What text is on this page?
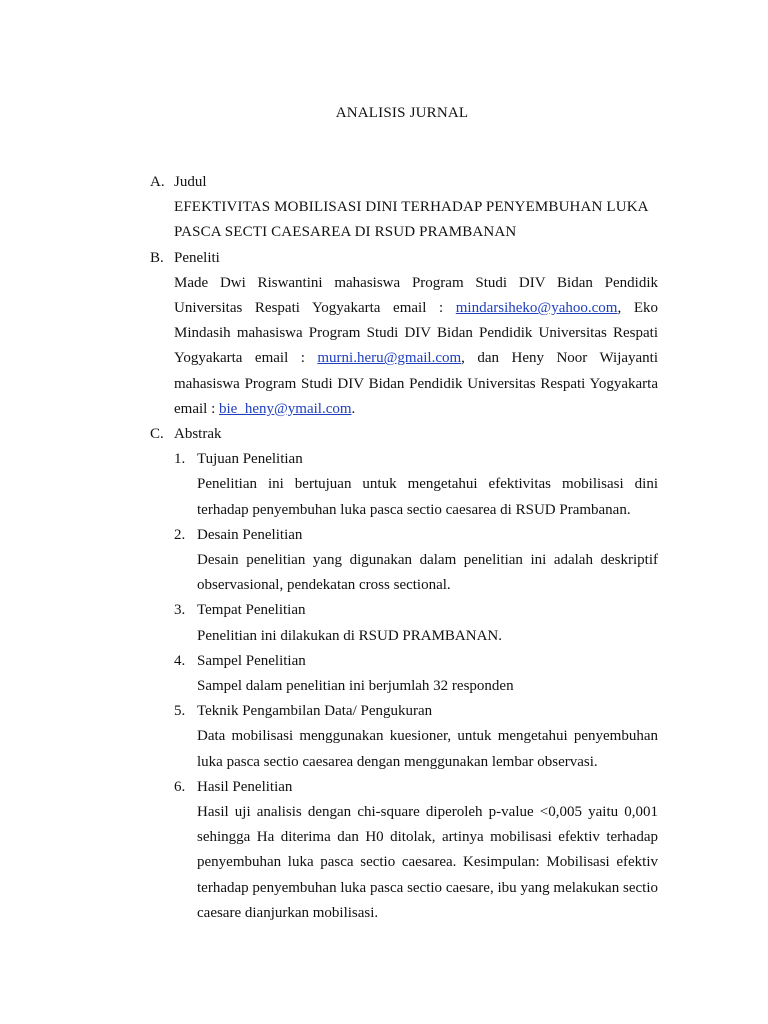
ANALISIS JURNAL
A. Judul
EFEKTIVITAS MOBILISASI DINI TERHADAP PENYEMBUHAN LUKA
PASCA SECTI CAESAREA DI RSUD PRAMBANAN
B. Peneliti
Made Dwi Riswantini mahasiswa Program Studi DIV Bidan Pendidik Universitas Respati Yogyakarta email : mindarsiheko@yahoo.com, Eko Mindasih mahasiswa Program Studi DIV Bidan Pendidik Universitas Respati Yogyakarta email : murni.heru@gmail.com, dan Heny Noor Wijayanti mahasiswa Program Studi DIV Bidan Pendidik Universitas Respati Yogyakarta email : bie_heny@ymail.com.
C. Abstrak
1. Tujuan Penelitian
Penelitian ini bertujuan untuk mengetahui efektivitas mobilisasi dini terhadap penyembuhan luka pasca sectio caesarea di RSUD Prambanan.
2. Desain Penelitian
Desain penelitian yang digunakan dalam penelitian ini adalah deskriptif observasional, pendekatan cross sectional.
3. Tempat Penelitian
Penelitian ini dilakukan di RSUD PRAMBANAN.
4. Sampel Penelitian
Sampel dalam penelitian ini berjumlah 32 responden
5. Teknik Pengambilan Data/ Pengukuran
Data mobilisasi menggunakan kuesioner, untuk mengetahui penyembuhan luka pasca sectio caesarea dengan menggunakan lembar observasi.
6. Hasil Penelitian
Hasil uji analisis dengan chi-square diperoleh p-value <0,005 yaitu 0,001 sehingga Ha diterima dan H0 ditolak, artinya mobilisasi efektiv terhadap penyembuhan luka pasca sectio caesarea. Kesimpulan: Mobilisasi efektiv terhadap penyembuhan luka pasca sectio caesare, ibu yang melakukan sectio caesare dianjurkan mobilisasi.
